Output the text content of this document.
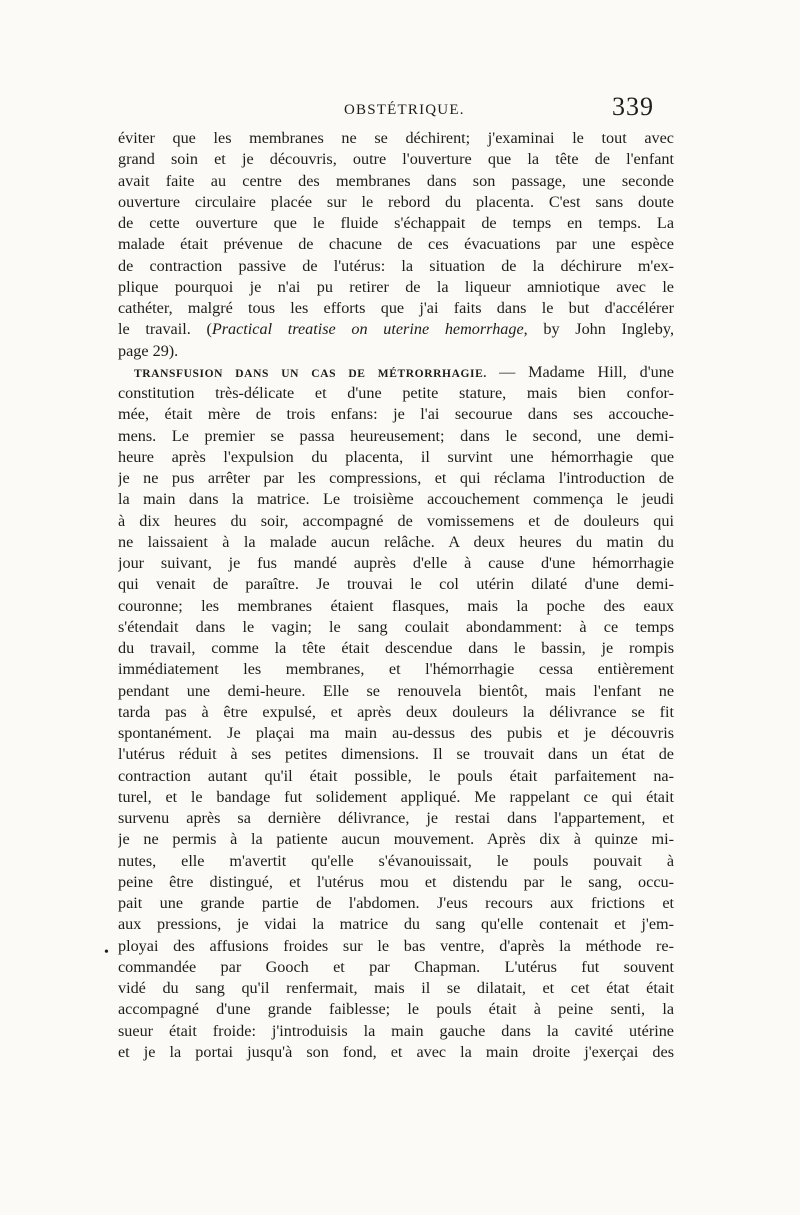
OBSTÉTRIQUE.	339
•
éviter que les membranes ne se déchirent; j'examinai le tout avec
grand soin et je découvris, outre l'ouverture que la tête de l'enfant
avait faite au centre des membranes dans son passage, une seconde
ouverture circulaire placée sur le rebord du placenta. C'est sans doute
de cette ouverture que le fluide s'échappait de temps en temps. La
malade était prévenue de chacune de ces évacuations par une espèce
de contraction passive de l'utérus: la situation de la déchirure m'ex-
plique pourquoi je n'ai pu retirer de la liqueur amniotique avec le
cathéter, malgré tous les efforts que j'ai faits dans le but d'accélérer
le travail. (Practical treatise on uterine hemorrhage, by John Ingleby,
page 29).
TRANSFUSION DANS UN CAS DE MÉTRORRHAGIE. — Madame Hill, d'une
constitution très-délicate et d'une petite stature, mais bien confor-
mée, était mère de trois enfans: je l'ai secourue dans ses accouche-
mens. Le premier se passa heureusement; dans le second, une demi-
heure après l'expulsion du placenta, il survint une hémorrhagie que
je ne pus arrêter par les compressions, et qui réclama l'introduction de
la main dans la matrice. Le troisième accouchement commença le jeudi
à dix heures du soir, accompagné de vomissemens et de douleurs qui
ne laissaient à la malade aucun relâche. A deux heures du matin du
jour suivant, je fus mandé auprès d'elle à cause d'une hémorrhagie
qui venait de paraître. Je trouvai le col utérin dilaté d'une demi-
couronne; les membranes étaient flasques, mais la poche des eaux
s'étendait dans le vagin; le sang coulait abondamment: à ce temps
du travail, comme la tête était descendue dans le bassin, je rompis
immédiatement les membranes, et l'hémorrhagie cessa entièrement
pendant une demi-heure. Elle se renouvela bientôt, mais l'enfant ne
tarda pas à être expulsé, et après deux douleurs la délivrance se fit
spontanément. Je plaçai ma main au-dessus des pubis et je découvris
l'utérus réduit à ses petites dimensions. Il se trouvait dans un état de
contraction autant qu'il était possible, le pouls était parfaitement na-
turel, et le bandage fut solidement appliqué. Me rappelant ce qui était
survenu après sa dernière délivrance, je restai dans l'appartement, et
je ne permis à la patiente aucun mouvement. Après dix à quinze mi-
nutes, elle m'avertit qu'elle s'évanouissait, le pouls pouvait à
peine être distingué, et l'utérus mou et distendu par le sang, occu-
pait une grande partie de l'abdomen. J'eus recours aux frictions et
aux pressions, je vidai la matrice du sang qu'elle contenait et j'em-
ployai des affusions froides sur le bas ventre, d'après la méthode re-
commandée par Gooch et par Chapman. L'utérus fut souvent
vidé du sang qu'il renfermait, mais il se dilatait, et cet état était
accompagné d'une grande faiblesse; le pouls était à peine senti, la
sueur était froide: j'introduisis la main gauche dans la cavité utérine
et je la portai jusqu'à son fond, et avec la main droite j'exerçai des
